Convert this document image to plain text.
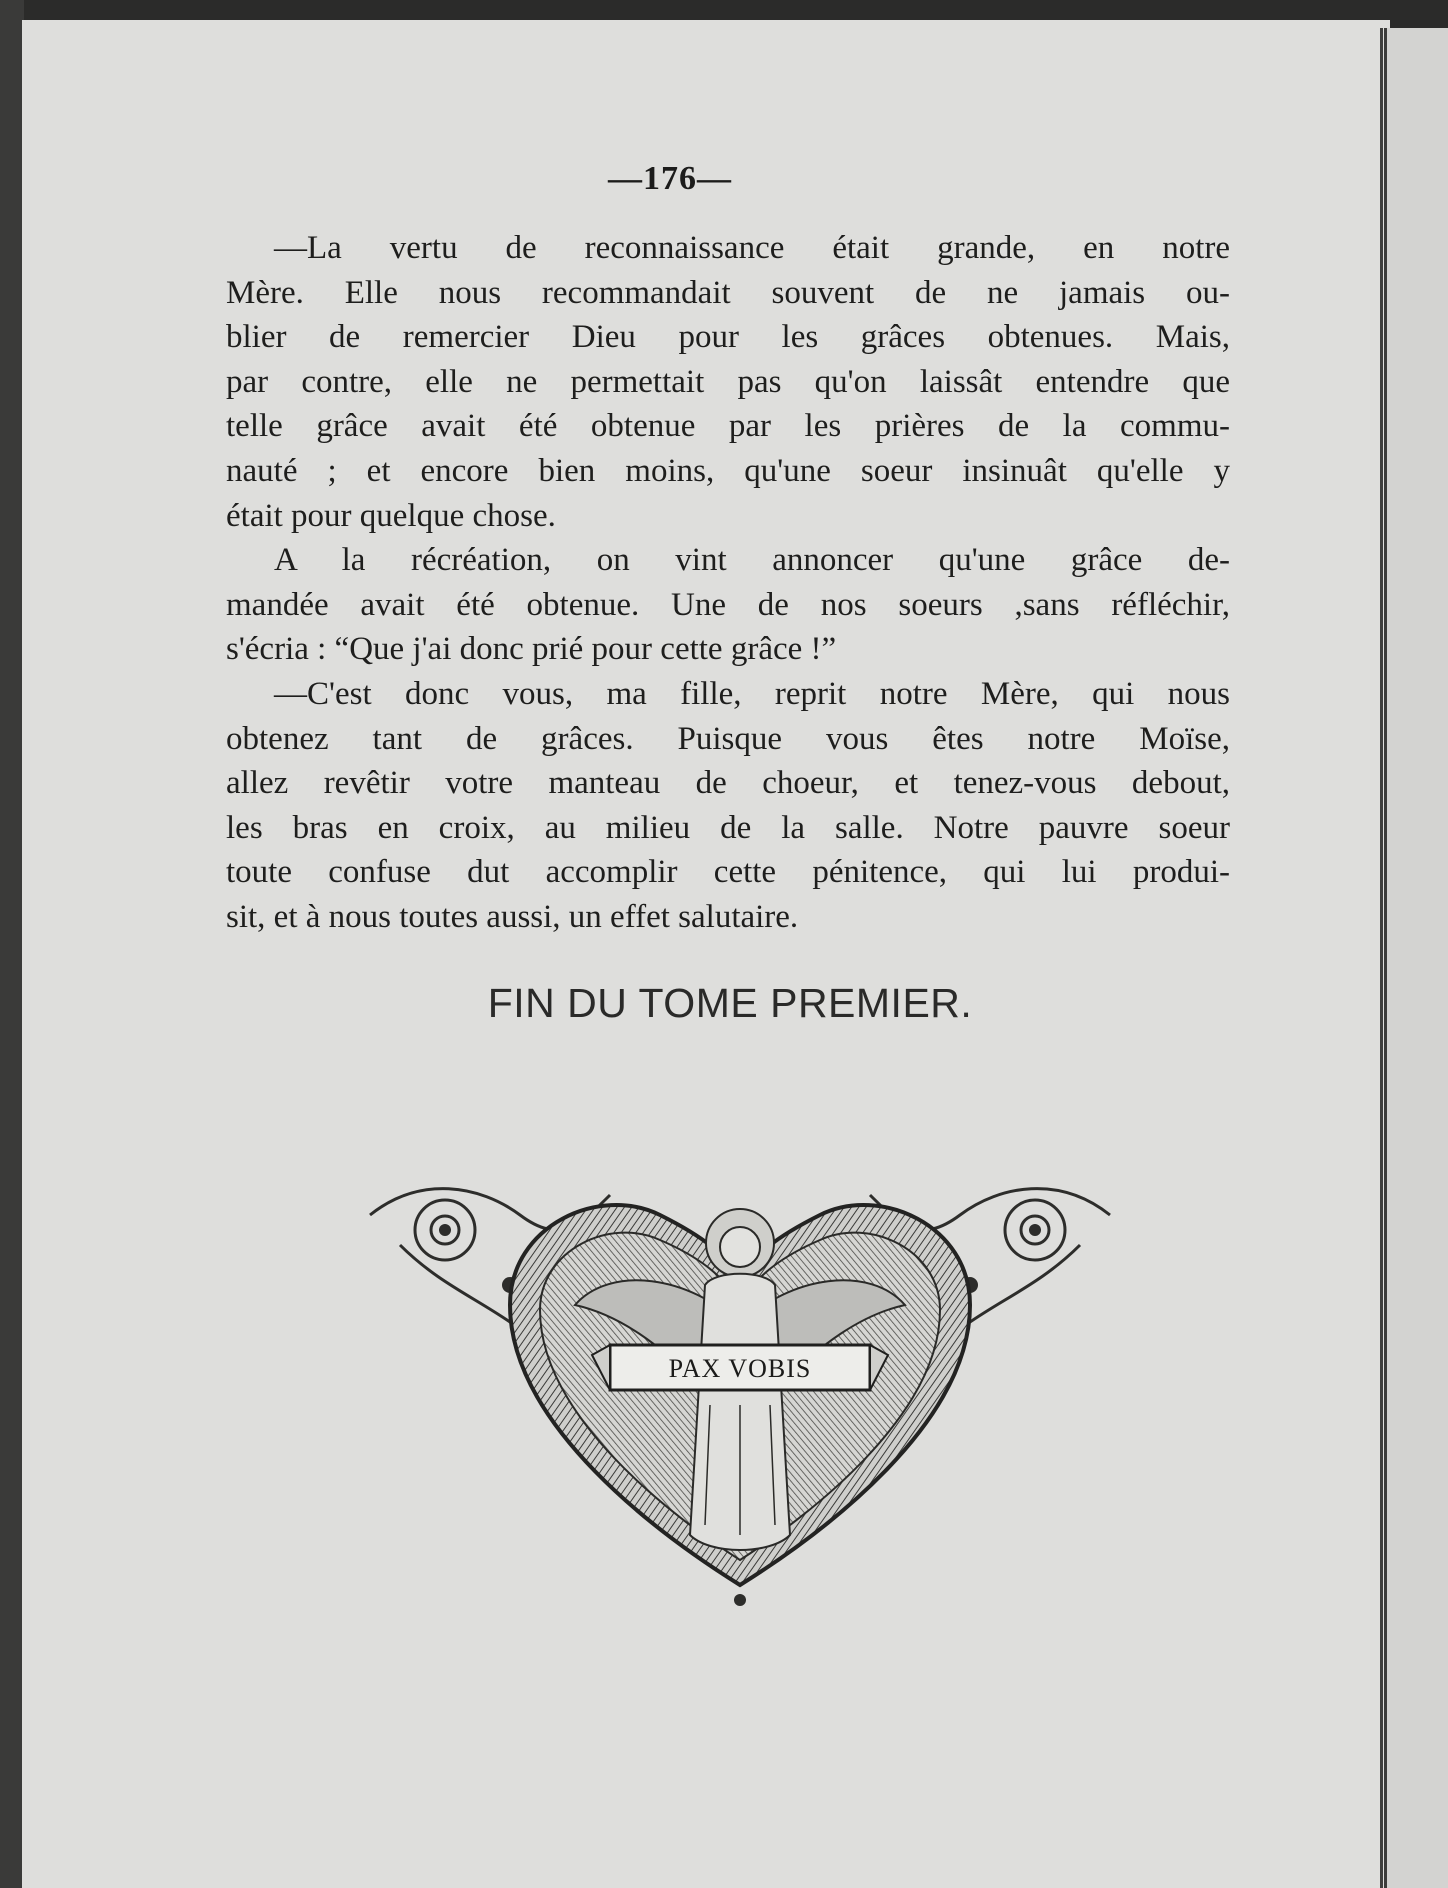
—176—
—La vertu de reconnaissance était grande, en notre
Mère. Elle nous recommandait souvent de ne jamais ou-
blier de remercier Dieu pour les grâces obtenues. Mais,
par contre, elle ne permettait pas qu'on laissât entendre que
telle grâce avait été obtenue par les prières de la commu-
nauté ; et encore bien moins, qu'une soeur insinuât qu'elle y
était pour quelque chose.
A la récréation, on vint annoncer qu'une grâce de-
mandée avait été obtenue. Une de nos soeurs ,sans réfléchir,
s'écria : “Que j'ai donc prié pour cette grâce !”
—C'est donc vous, ma fille, reprit notre Mère, qui nous
obtenez tant de grâces. Puisque vous êtes notre Moïse,
allez revêtir votre manteau de choeur, et tenez-vous debout,
les bras en croix, au milieu de la salle. Notre pauvre soeur
toute confuse dut accomplir cette pénitence, qui lui produi-
sit, et à nous toutes aussi, un effet salutaire.
FIN DU TOME PREMIER.
PAX VOBIS
